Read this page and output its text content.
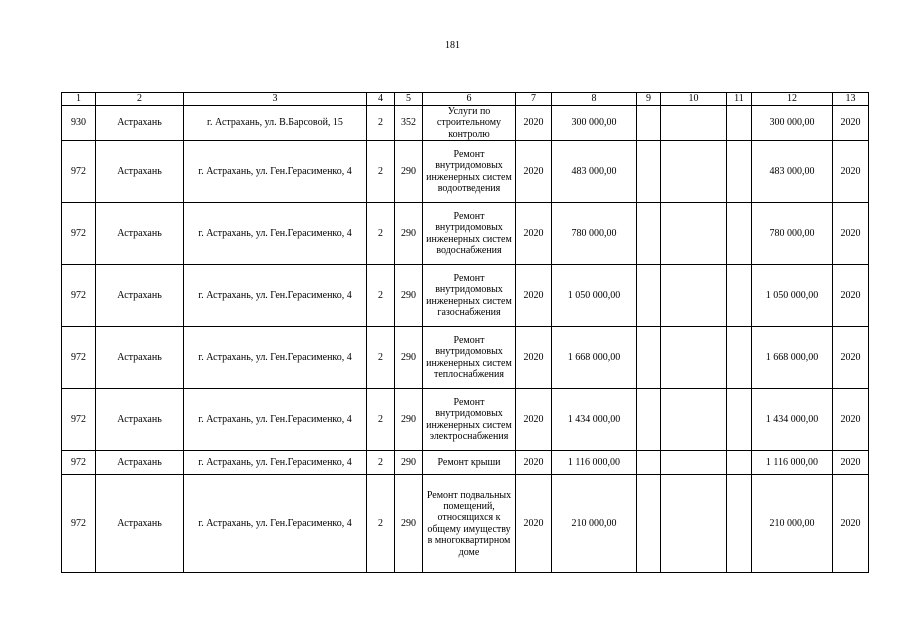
181
1	2	3	4	5	6	7	8	9	10	11	12	13
930	Астрахань	г. Астрахань, ул. В.Барсовой, 15	2	352	Услуги по строительному контролю	2020	300 000,00				300 000,00	2020
972	Астрахань	г. Астрахань, ул. Ген.Герасименко, 4	2	290	Ремонт внутридомовых инженерных систем водоотведения	2020	483 000,00				483 000,00	2020
972	Астрахань	г. Астрахань, ул. Ген.Герасименко, 4	2	290	Ремонт внутридомовых инженерных систем водоснабжения	2020	780 000,00				780 000,00	2020
972	Астрахань	г. Астрахань, ул. Ген.Герасименко, 4	2	290	Ремонт внутридомовых инженерных систем газоснабжения	2020	1 050 000,00				1 050 000,00	2020
972	Астрахань	г. Астрахань, ул. Ген.Герасименко, 4	2	290	Ремонт внутридомовых инженерных систем теплоснабжения	2020	1 668 000,00				1 668 000,00	2020
972	Астрахань	г. Астрахань, ул. Ген.Герасименко, 4	2	290	Ремонт внутридомовых инженерных систем электроснабжения	2020	1 434 000,00				1 434 000,00	2020
972	Астрахань	г. Астрахань, ул. Ген.Герасименко, 4	2	290	Ремонт крыши	2020	1 116 000,00				1 116 000,00	2020
972	Астрахань	г. Астрахань, ул. Ген.Герасименко, 4	2	290	Ремонт подвальных помещений, относящихся к общему имуществу в многоквартирном доме	2020	210 000,00				210 000,00	2020
